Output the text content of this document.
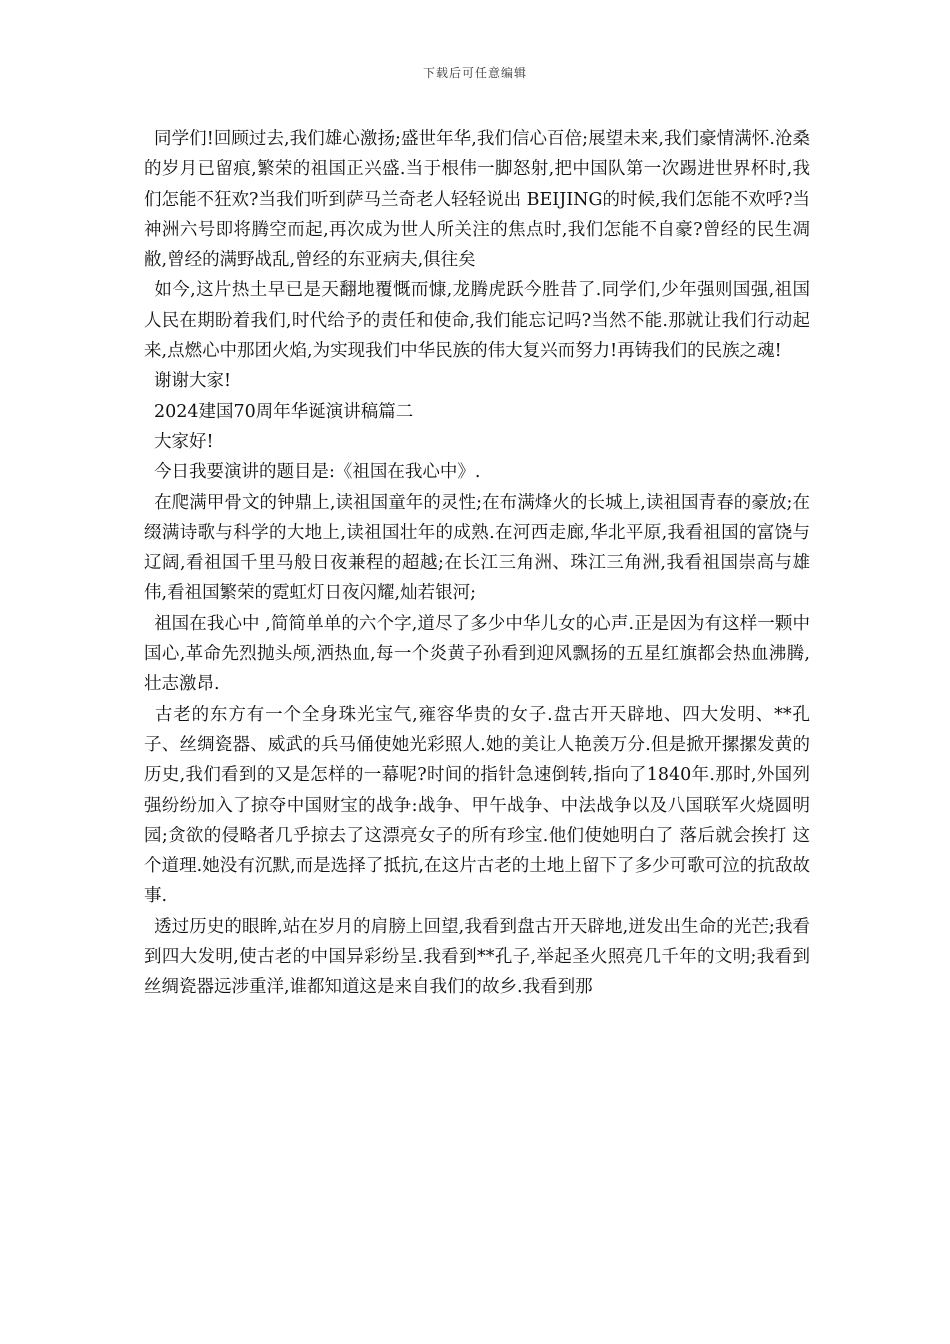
下载后可任意编辑

同学们!回顾过去,我们雄心激扬;盛世年华,我们信心百倍;展望未来,我们豪情满怀.沧桑的岁月已留痕,繁荣的祖国正兴盛.当于根伟一脚怒射,把中国队第一次踢进世界杯时,我们怎能不狂欢?当我们听到萨马兰奇老人轻轻说出 BEIJING的时候,我们怎能不欢呼?当神洲六号即将腾空而起,再次成为世人所关注的焦点时,我们怎能不自豪?曾经的民生凋敝,曾经的满野战乱,曾经的东亚病夫,俱往矣

如今,这片热土早已是天翻地覆慨而慷,龙腾虎跃今胜昔了.同学们,少年强则国强,祖国人民在期盼着我们,时代给予的责任和使命,我们能忘记吗?当然不能.那就让我们行动起来,点燃心中那团火焰,为实现我们中华民族的伟大复兴而努力!再铸我们的民族之魂!

谢谢大家!

2024建国70周年华诞演讲稿篇二

大家好!

今日我要演讲的题目是:《祖国在我心中》.

在爬满甲骨文的钟鼎上,读祖国童年的灵性;在布满烽火的长城上,读祖国青春的豪放;在缀满诗歌与科学的大地上,读祖国壮年的成熟.在河西走廊,华北平原,我看祖国的富饶与辽阔,看祖国千里马般日夜兼程的超越;在长江三角洲、珠江三角洲,我看祖国崇高与雄伟,看祖国繁荣的霓虹灯日夜闪耀,灿若银河;

祖国在我心中 ,简简单单的六个字,道尽了多少中华儿女的心声.正是因为有这样一颗中国心,革命先烈抛头颅,洒热血,每一个炎黄子孙看到迎风飘扬的五星红旗都会热血沸腾,壮志激昂.

古老的东方有一个全身珠光宝气,雍容华贵的女子.盘古开天辟地、四大发明、**孔子、丝绸瓷器、威武的兵马俑使她光彩照人.她的美让人艳羡万分.但是掀开摞摞发黄的历史,我们看到的又是怎样的一幕呢?时间的指针急速倒转,指向了1840年.那时,外国列强纷纷加入了掠夺中国财宝的战争:战争、甲午战争、中法战争以及八国联军火烧圆明园;贪欲的侵略者几乎掠去了这漂亮女子的所有珍宝.他们使她明白了 落后就会挨打 这个道理.她没有沉默,而是选择了抵抗,在这片古老的土地上留下了多少可歌可泣的抗敌故事.

透过历史的眼眸,站在岁月的肩膀上回望,我看到盘古开天辟地,迸发出生命的光芒;我看到四大发明,使古老的中国异彩纷呈.我看到**孔子,举起圣火照亮几千年的文明;我看到丝绸瓷器远涉重洋,谁都知道这是来自我们的故乡.我看到那
